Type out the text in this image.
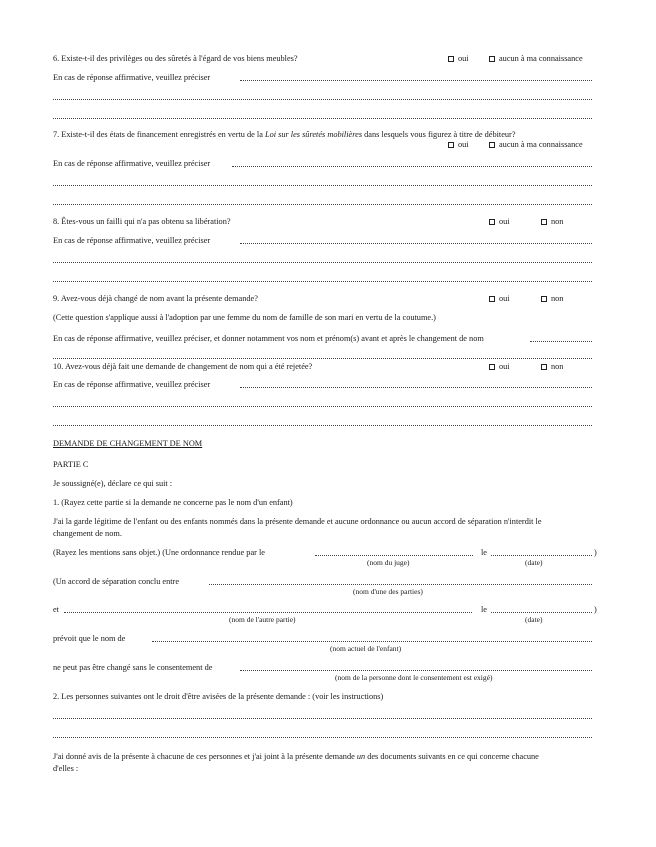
6. Existe-t-il des privilèges ou des sûretés à l'égard de vos biens meubles?	oui	aucun à ma connaissance
En cas de réponse affirmative, veuillez préciser
7. Existe-t-il des états de financement enregistrés en vertu de la Loi sur les sûretés mobilières dans lesquels vous figurez à titre de débiteur?
oui	aucun à ma connaissance
En cas de réponse affirmative, veuillez préciser
8. Êtes-vous un failli qui n'a pas obtenu sa libération?	oui	non
En cas de réponse affirmative, veuillez préciser
9. Avez-vous déjà changé de nom avant la présente demande?	oui	non
(Cette question s'applique aussi à l'adoption par une femme du nom de famille de son mari en vertu de la coutume.)
En cas de réponse affirmative, veuillez préciser, et donner notamment vos nom et prénom(s) avant et après le changement de nom
10. Avez-vous déjà fait une demande de changement de nom qui a été rejetée?	oui	non
En cas de réponse affirmative, veuillez préciser
DEMANDE DE CHANGEMENT DE NOM
PARTIE C
Je soussigné(e), déclare ce qui suit :
1. (Rayez cette partie si la demande ne concerne pas le nom d'un enfant)
J'ai la garde légitime de l'enfant ou des enfants nommés dans la présente demande et aucune ordonnance ou aucun accord de séparation n'interdit le
changement de nom.
(Rayez les mentions sans objet.) (Une ordonnance rendue par le	le	)
(nom du juge)	(date)
(Un accord de séparation conclu entre
(nom d'une des parties)
et	le	)
(nom de l'autre partie)	(date)
prévoit que le nom de
(nom actuel de l'enfant)
ne peut pas être changé sans le consentement de
(nom de la personne dont le consentement est exigé)
2. Les personnes suivantes ont le droit d'être avisées de la présente demande : (voir les instructions)
J'ai donné avis de la présente à chacune de ces personnes et j'ai joint à la présente demande un des documents suivants en ce qui concerne chacune
d'elles :
